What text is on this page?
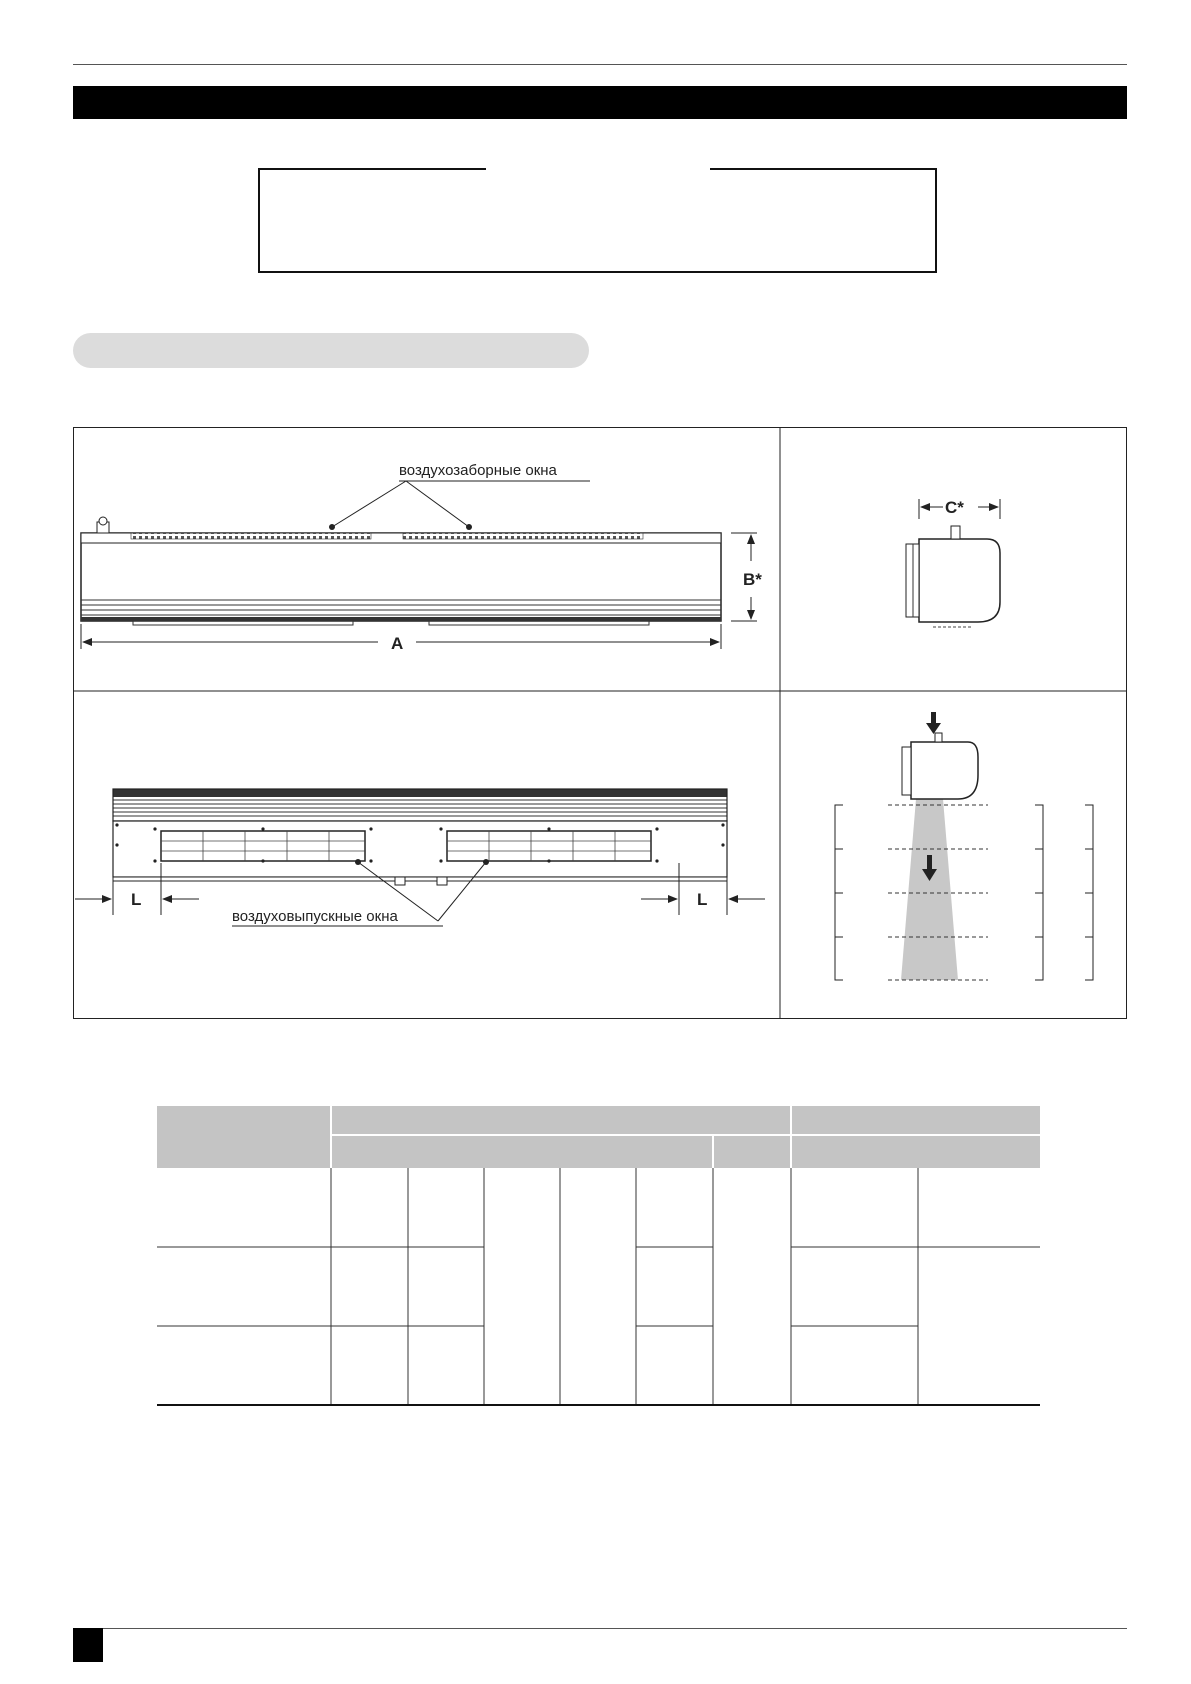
воздухозаборные окна
A
B*
C*
воздуховыпускные окна
L	L
